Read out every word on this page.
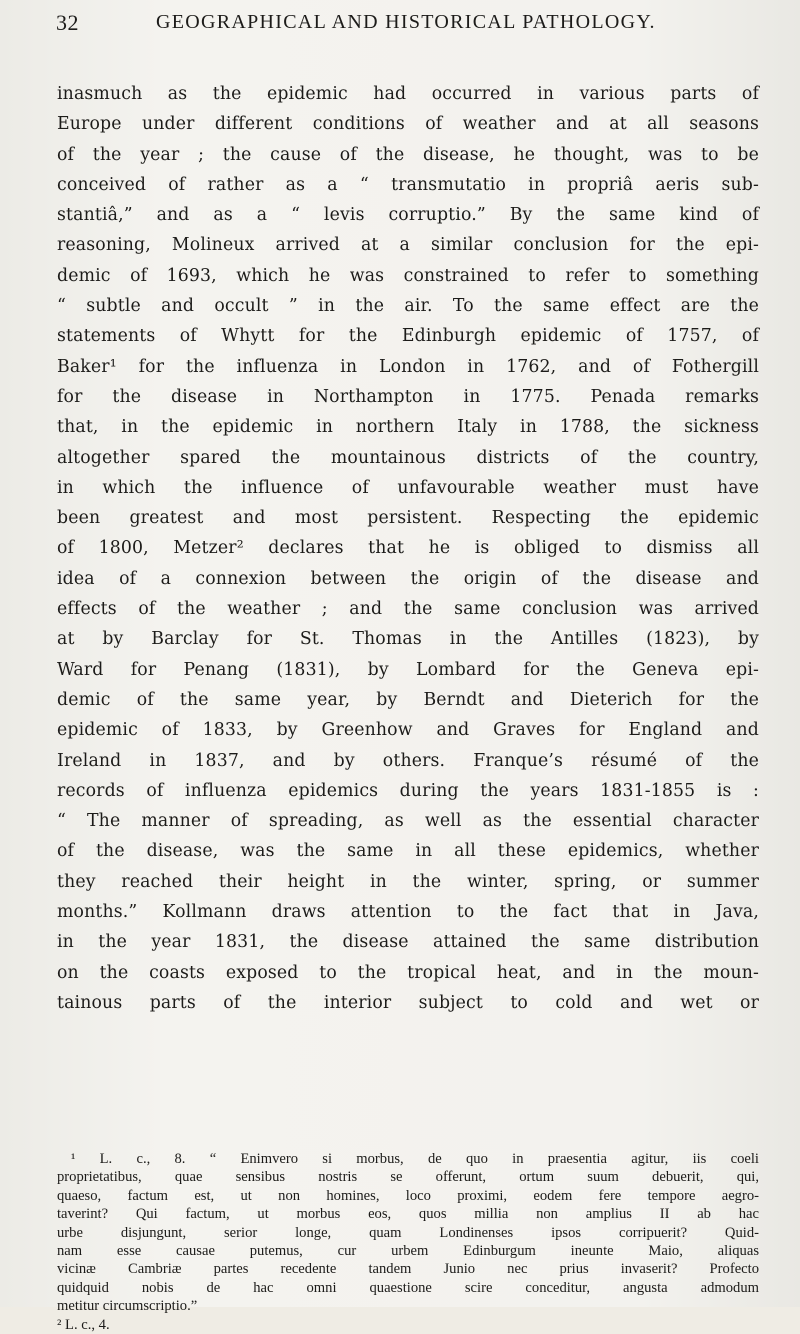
32	GEOGRAPHICAL AND HISTORICAL PATHOLOGY.
inasmuch as the epidemic had occurred in various parts of
Europe under different conditions of weather and at all seasons
of the year ; the cause of the disease, he thought, was to be
conceived of rather as a “ transmutatio in propriâ aeris sub-
stantiâ,” and as a “ levis corruptio.” By the same kind of
reasoning, Molineux arrived at a similar conclusion for the epi-
demic of 1693, which he was constrained to refer to something
“ subtle and occult ” in the air. To the same effect are the
statements of Whytt for the Edinburgh epidemic of 1757, of
Baker¹ for the influenza in London in 1762, and of Fothergill
for the disease in Northampton in 1775. Penada remarks
that, in the epidemic in northern Italy in 1788, the sickness
altogether spared the mountainous districts of the country,
in which the influence of unfavourable weather must have
been greatest and most persistent. Respecting the epidemic
of 1800, Metzer² declares that he is obliged to dismiss all
idea of a connexion between the origin of the disease and
effects of the weather ; and the same conclusion was arrived
at by Barclay for St. Thomas in the Antilles (1823), by
Ward for Penang (1831), by Lombard for the Geneva epi-
demic of the same year, by Berndt and Dieterich for the
epidemic of 1833, by Greenhow and Graves for England and
Ireland in 1837, and by others. Franque’s résumé of the
records of influenza epidemics during the years 1831-1855 is :
“ The manner of spreading, as well as the essential character
of the disease, was the same in all these epidemics, whether
they reached their height in the winter, spring, or summer
months.” Kollmann draws attention to the fact that in Java,
in the year 1831, the disease attained the same distribution
on the coasts exposed to the tropical heat, and in the moun-
tainous parts of the interior subject to cold and wet or
¹ L. c., 8. “ Enimvero si morbus, de quo in praesentia agitur, iis coeli
proprietatibus, quae sensibus nostris se offerunt, ortum suum debuerit, qui,
quaeso, factum est, ut non homines, loco proximi, eodem fere tempore aegro-
taverint? Qui factum, ut morbus eos, quos millia non amplius II ab hac
urbe disjungunt, serior longe, quam Londinenses ipsos corripuerit? Quid-
nam esse causae putemus, cur urbem Edinburgum ineunte Maio, aliquas
vicinæ Cambriæ partes recedente tandem Junio nec prius invaserit? Profecto
quidquid nobis de hac omni quaestione scire conceditur, angusta admodum
metitur circumscriptio.”
² L. c., 4.
